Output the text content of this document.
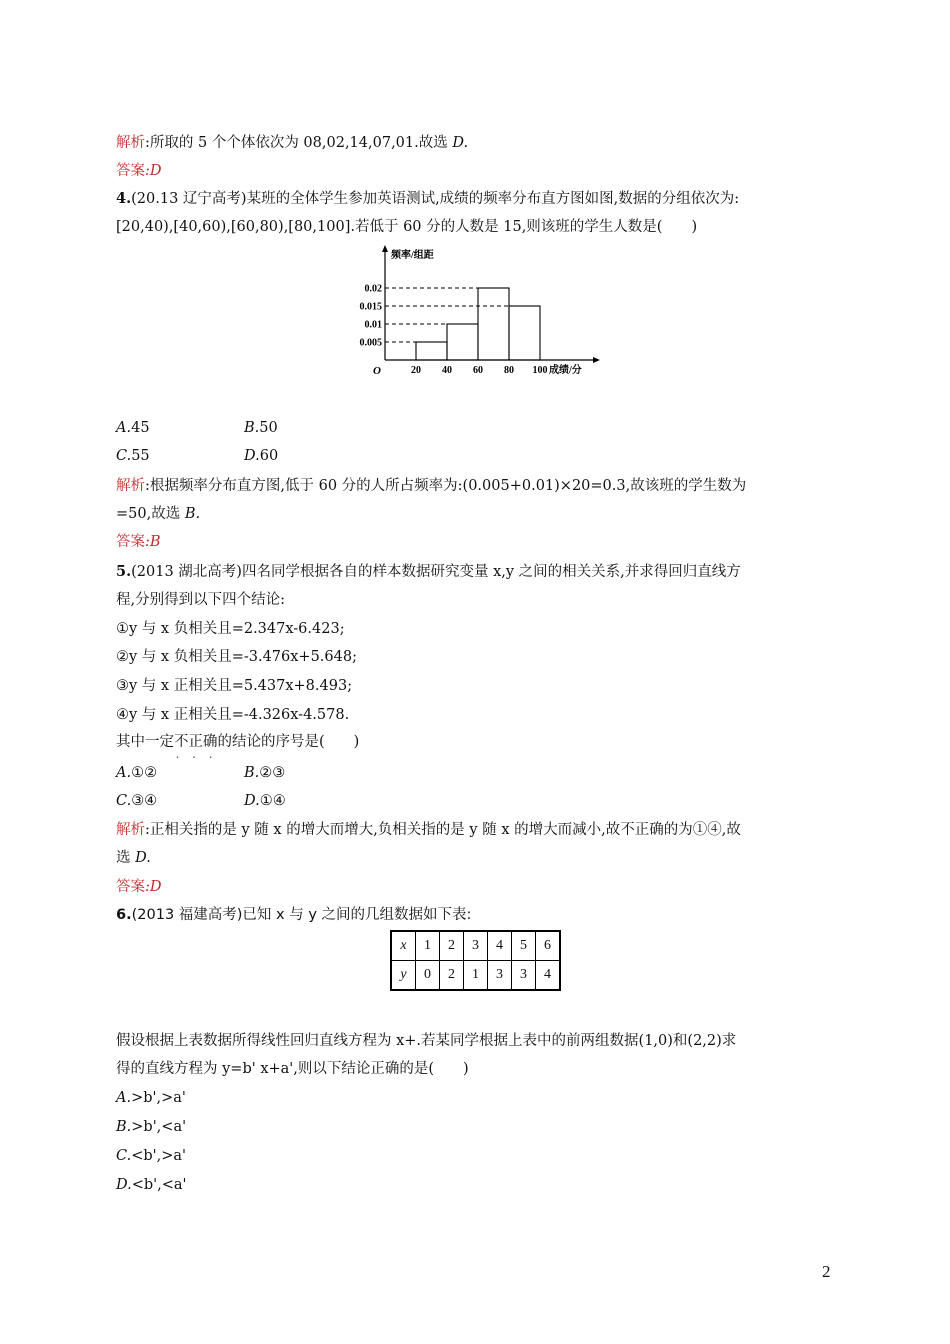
解析:所取的 5 个个体依次为 08,02,14,07,01.故选 D.
答案:D
4.(20.13 辽宁高考)某班的全体学生参加英语测试,成绩的频率分布直方图如图,数据的分组依次为:
[20,40),[40,60),[60,80),[80,100].若低于 60 分的人数是 15,则该班的学生人数是(　　)
0.005
0.01
0.015
0.02
20 40 60 80 100
O
频率/组距
成绩/分
A.45	B.50
C.55	D.60
解析:根据频率分布直方图,低于 60 分的人所占频率为:(0.005+0.01)×20=0.3,故该班的学生数为
=50,故选 B.
答案:B
5.(2013 湖北高考)四名同学根据各自的样本数据研究变量 x,y 之间的相关关系,并求得回归直线方
程,分别得到以下四个结论:
①y 与 x 负相关且=2.347x-6.423;
②y 与 x 负相关且=-3.476x+5.648;
③y 与 x 正相关且=5.437x+8.493;
④y 与 x 正相关且=-4.326x-4.578.
其中一定不正确 • • •的结论的序号是(　　)
A.①②	B.②③
C.③④	D.①④
解析:正相关指的是 y 随 x 的增大而增大,负相关指的是 y 随 x 的增大而减小,故不正确的为①④,故
选 D.
答案:D
6.(2013 福建高考)已知 x 与 y 之间的几组数据如下表:
x	1	2	3	4	5	6
y	0	2	1	3	3	4
假设根据上表数据所得线性回归直线方程为 x+.若某同学根据上表中的前两组数据(1,0)和(2,2)求
得的直线方程为 y=b' x+a',则以下结论正确的是(　　)
A.>b',>a'
B.>b',<a'
C.<b',>a'
D.<b',<a'
2
